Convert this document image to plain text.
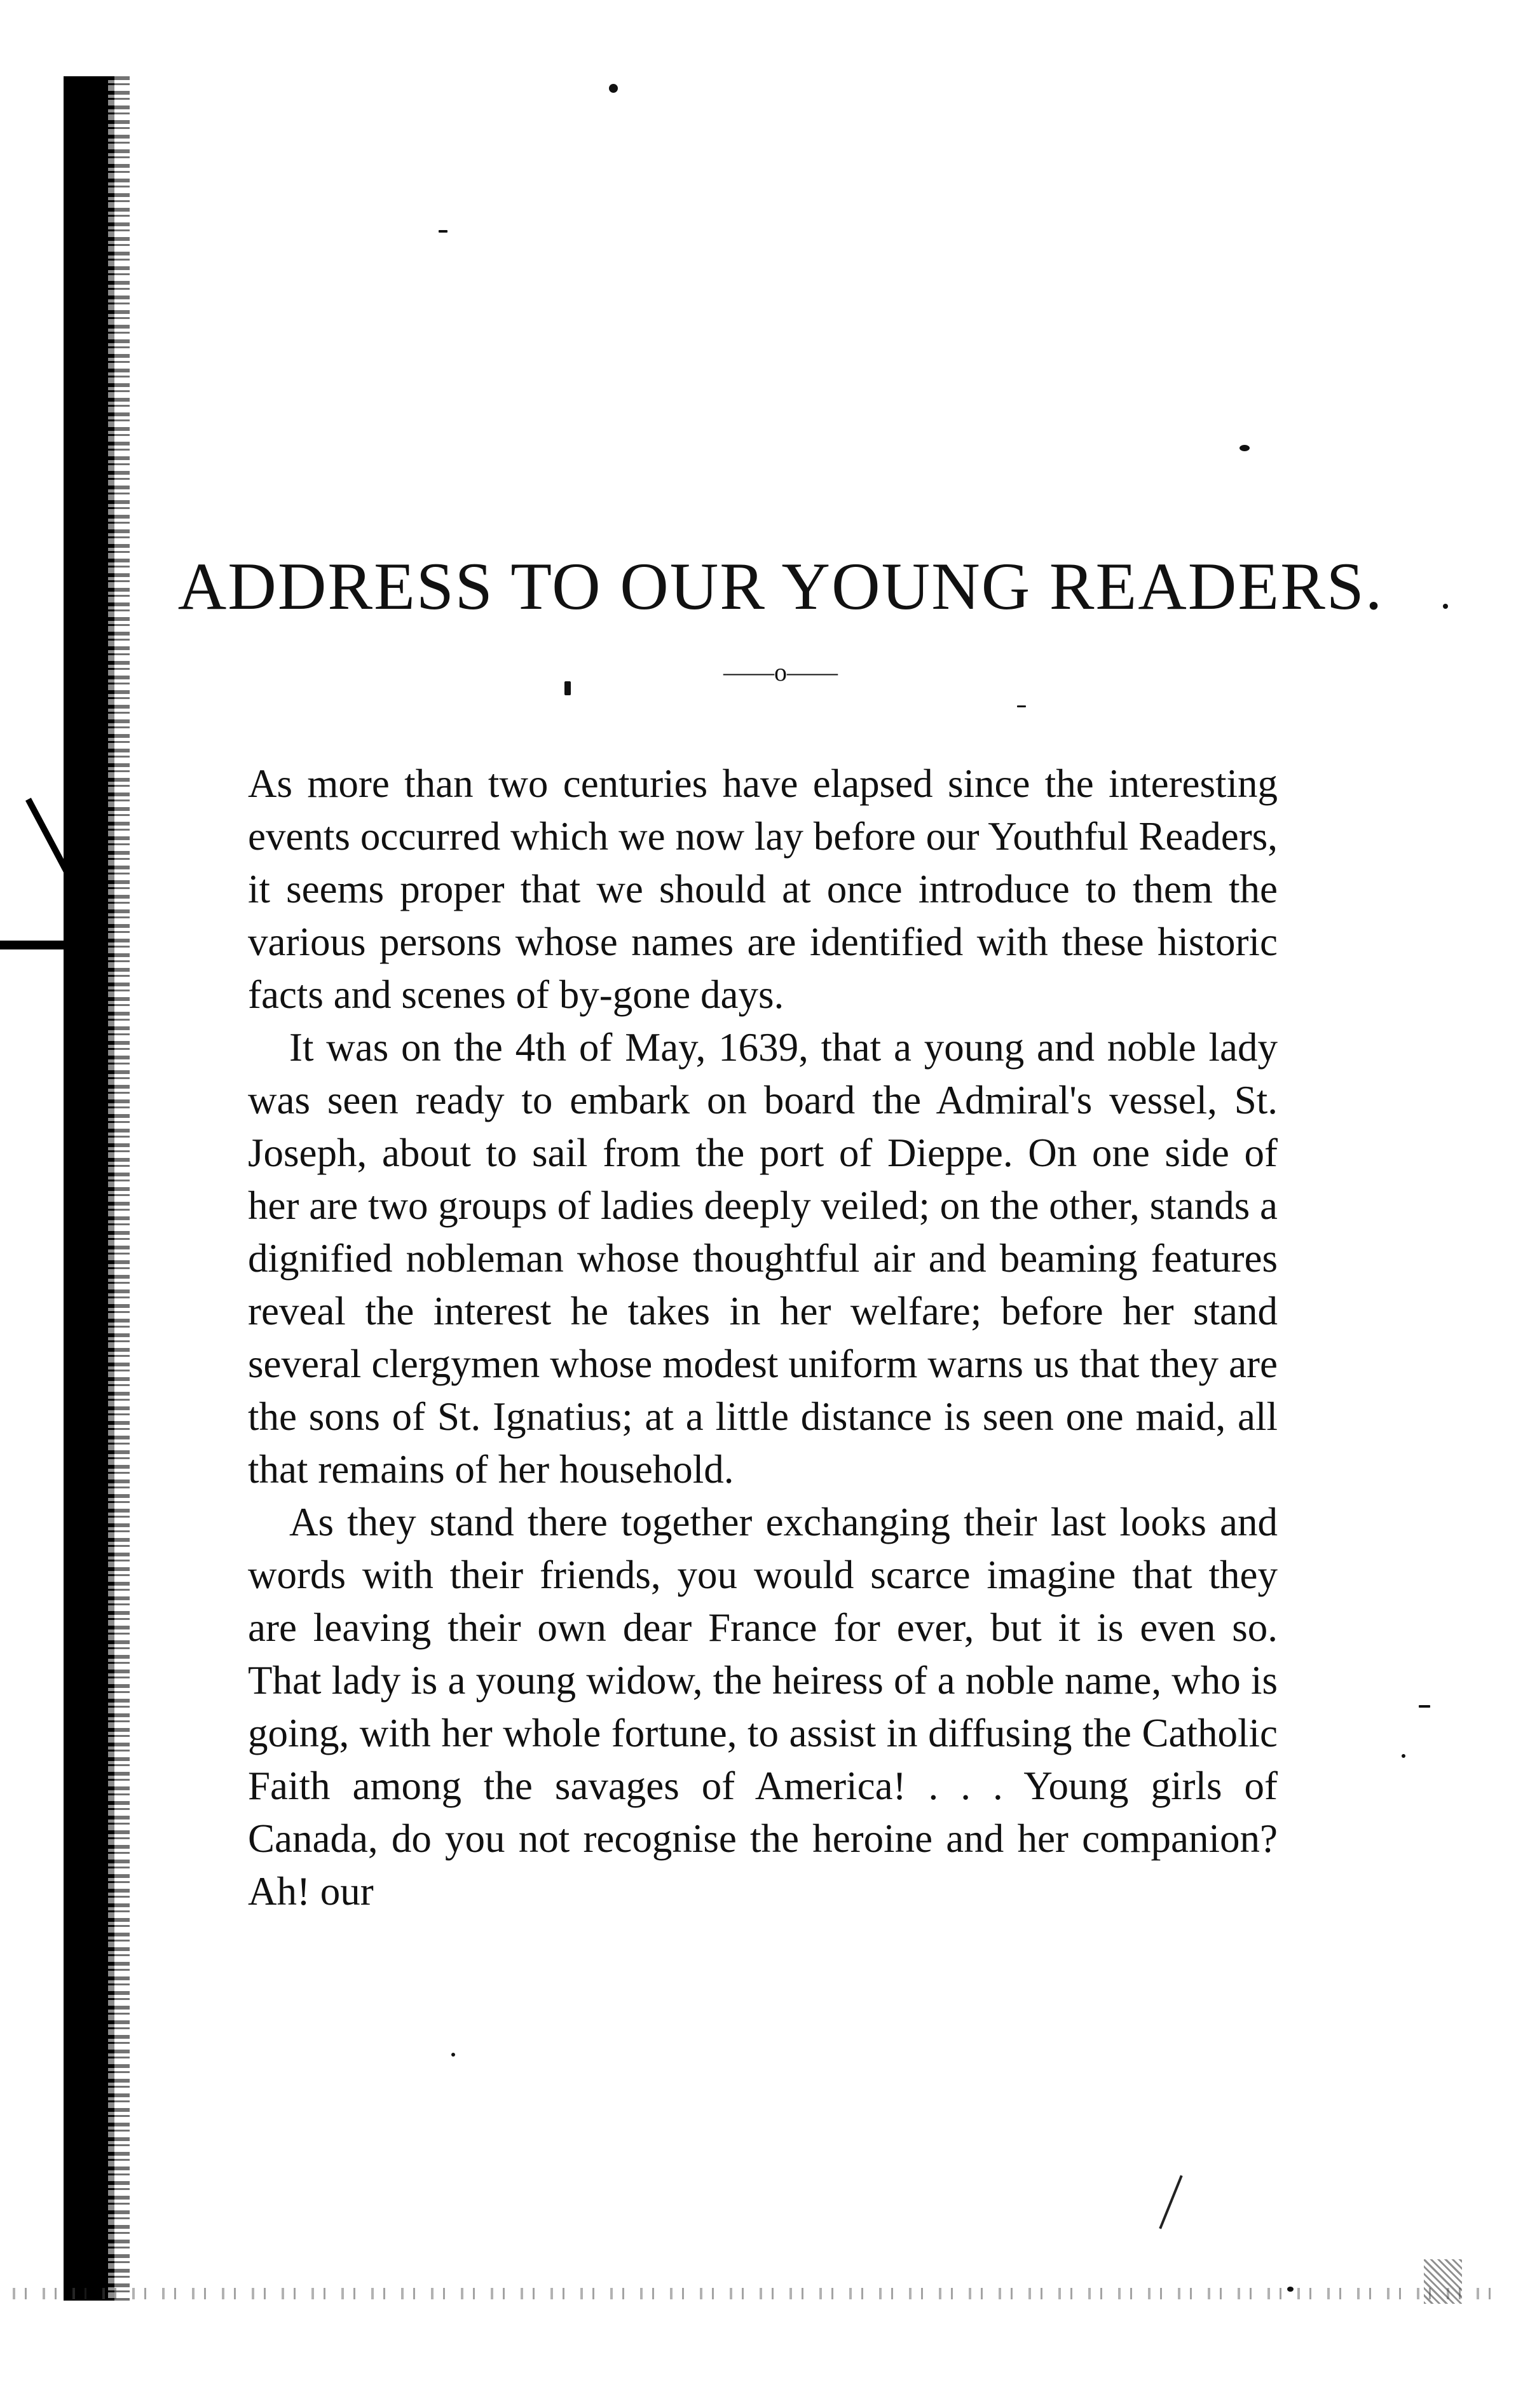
ADDRESS TO OUR YOUNG READERS.
——o——

As more than two centuries have elapsed since the interesting events occurred which we now lay before our Youthful Readers, it seems proper that we should at once introduce to them the various persons whose names are identified with these historic facts and scenes of by-gone days.

It was on the 4th of May, 1639, that a young and noble lady was seen ready to embark on board the Admiral's vessel, St. Joseph, about to sail from the port of Dieppe. On one side of her are two groups of ladies deeply veiled; on the other, stands a dignified nobleman whose thoughtful air and beaming features reveal the interest he takes in her welfare; before her stand several clergymen whose modest uniform warns us that they are the sons of St. Ignatius; at a little distance is seen one maid, all that remains of her household.

As they stand there together exchanging their last looks and words with their friends, you would scarce imagine that they are leaving their own dear France for ever, but it is even so. That lady is a young widow, the heiress of a noble name, who is going, with her whole fortune, to assist in diffusing the Catholic Faith among the savages of America! . . . Young girls of Canada, do you not recognise the heroine and her companion? Ah! our
